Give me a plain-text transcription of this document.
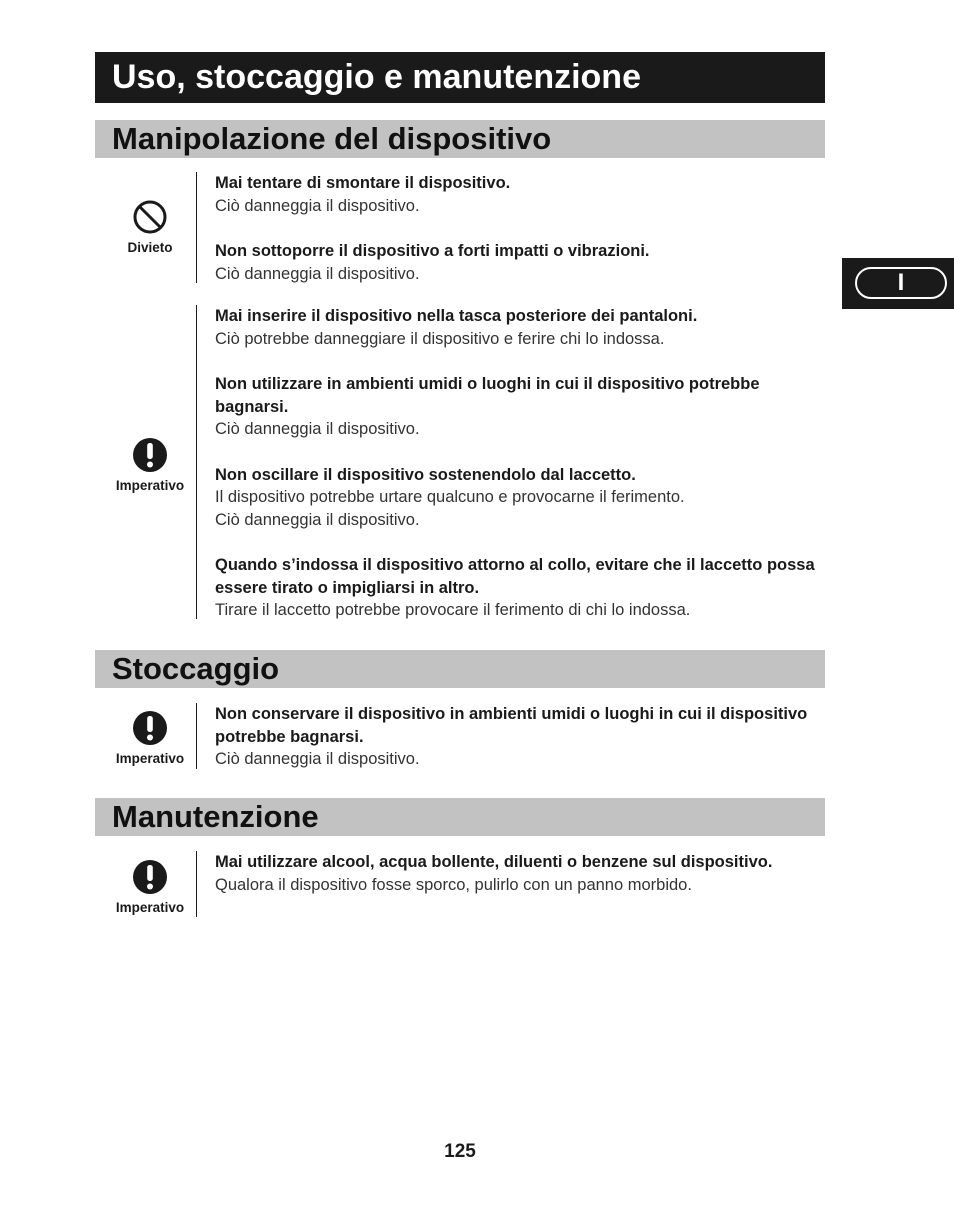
Uso, stoccaggio e manutenzione
I
Manipolazione del dispositivo
Divieto
Mai tentare di smontare il dispositivo.
Ciò danneggia il dispositivo.
Non sottoporre il dispositivo a forti impatti o vibrazioni.
Ciò danneggia il dispositivo.
Imperativo
Mai inserire il dispositivo nella tasca posteriore dei pantaloni.
Ciò potrebbe danneggiare il dispositivo e ferire chi lo indossa.
Non utilizzare in ambienti umidi o luoghi in cui il dispositivo potrebbe bagnarsi.
Ciò danneggia il dispositivo.
Non oscillare il dispositivo sostenendolo dal laccetto.
Il dispositivo potrebbe urtare qualcuno e provocarne il ferimento.
Ciò danneggia il dispositivo.
Quando s’indossa il dispositivo attorno al collo, evitare che il laccetto possa essere tirato o impigliarsi in altro.
Tirare il laccetto potrebbe provocare il ferimento di chi lo indossa.
Stoccaggio
Imperativo
Non conservare il dispositivo in ambienti umidi o luoghi in cui il dispositivo potrebbe bagnarsi.
Ciò danneggia il dispositivo.
Manutenzione
Imperativo
Mai utilizzare alcool, acqua bollente, diluenti o benzene sul dispositivo.
Qualora il dispositivo fosse sporco, pulirlo con un panno morbido.
125
